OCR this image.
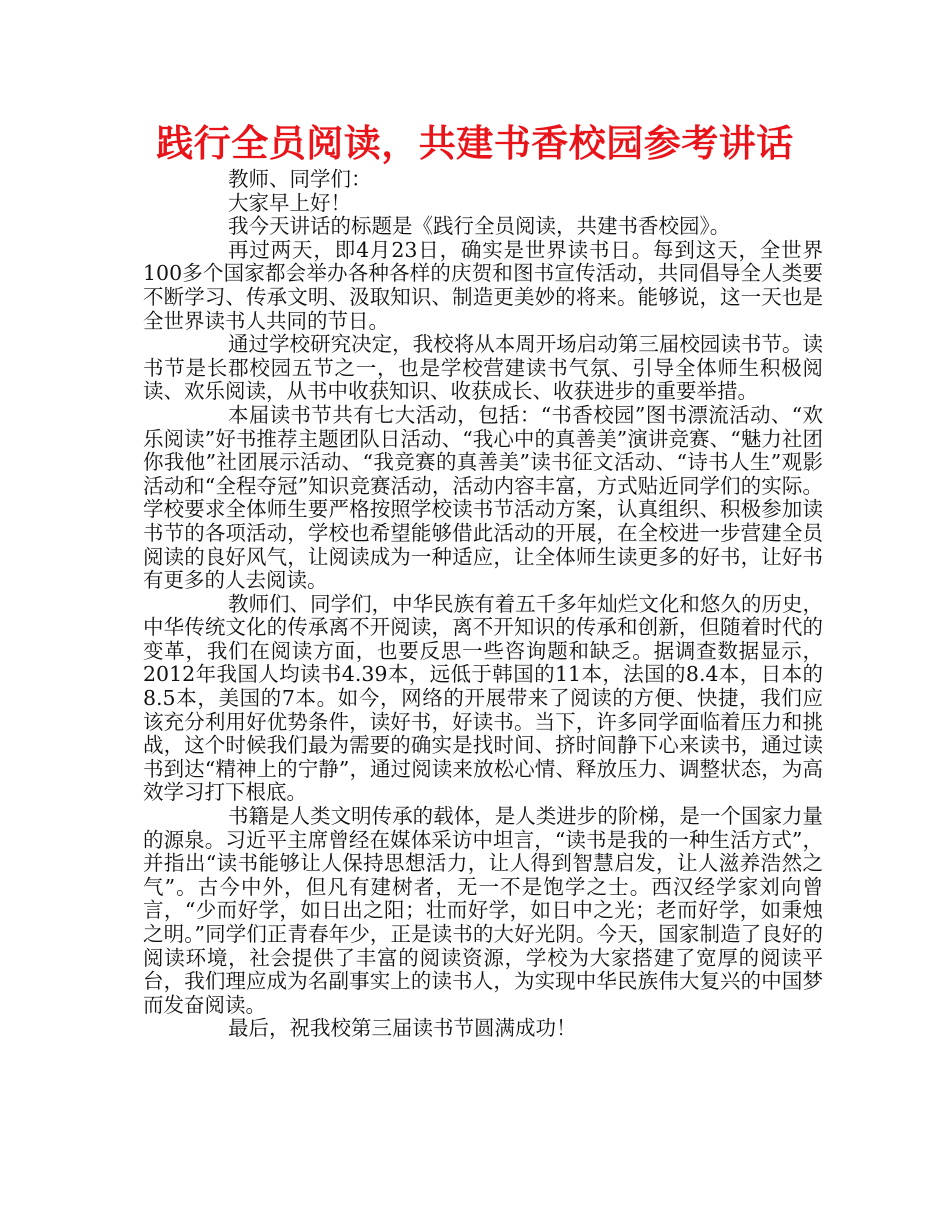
践行全员阅读，共建书香校园参考讲话

教师、同学们：

大家早上好！

我今天讲话的标题是《践行全员阅读，共建书香校园》。

再过两天，即4月23日，确实是世界读书日。每到这天，全世界100多个国家都会举办各种各样的庆贺和图书宣传活动，共同倡导全人类要不断学习、传承文明、汲取知识、制造更美妙的将来。能够说，这一天也是全世界读书人共同的节日。

通过学校研究决定，我校将从本周开场启动第三届校园读书节。读书节是长郡校园五节之一，也是学校营建读书气氛、引导全体师生积极阅读、欢乐阅读，从书中收获知识、收获成长、收获进步的重要举措。

本届读书节共有七大活动，包括：“书香校园”图书漂流活动、“欢乐阅读”好书推荐主题团队日活动、“我心中的真善美”演讲竞赛、“魅力社团你我他”社团展示活动、“我竞赛的真善美”读书征文活动、“诗书人生”观影活动和“全程夺冠”知识竞赛活动，活动内容丰富，方式贴近同学们的实际。学校要求全体师生要严格按照学校读书节活动方案，认真组织、积极参加读书节的各项活动，学校也希望能够借此活动的开展，在全校进一步营建全员阅读的良好风气，让阅读成为一种适应，让全体师生读更多的好书，让好书有更多的人去阅读。

教师们、同学们，中华民族有着五千多年灿烂文化和悠久的历史，中华传统文化的传承离不开阅读，离不开知识的传承和创新，但随着时代的变革，我们在阅读方面，也要反思一些咨询题和缺乏。据调查数据显示，2012年我国人均读书4.39本，远低于韩国的11本，法国的8.4本，日本的8.5本，美国的7本。如今，网络的开展带来了阅读的方便、快捷，我们应该充分利用好优势条件，读好书，好读书。当下，许多同学面临着压力和挑战，这个时候我们最为需要的确实是找时间、挤时间静下心来读书，通过读书到达“精神上的宁静”，通过阅读来放松心情、释放压力、调整状态，为高效学习打下根底。

书籍是人类文明传承的载体，是人类进步的阶梯，是一个国家力量的源泉。习近平主席曾经在媒体采访中坦言，“读书是我的一种生活方式”，并指出“读书能够让人保持思想活力，让人得到智慧启发，让人滋养浩然之气”。古今中外，但凡有建树者，无一不是饱学之士。西汉经学家刘向曾言，“少而好学，如日出之阳；壮而好学，如日中之光；老而好学，如秉烛之明。”同学们正青春年少，正是读书的大好光阴。今天，国家制造了良好的阅读环境，社会提供了丰富的阅读资源，学校为大家搭建了宽厚的阅读平台，我们理应成为名副事实上的读书人，为实现中华民族伟大复兴的中国梦而发奋阅读。

最后，祝我校第三届读书节圆满成功！
